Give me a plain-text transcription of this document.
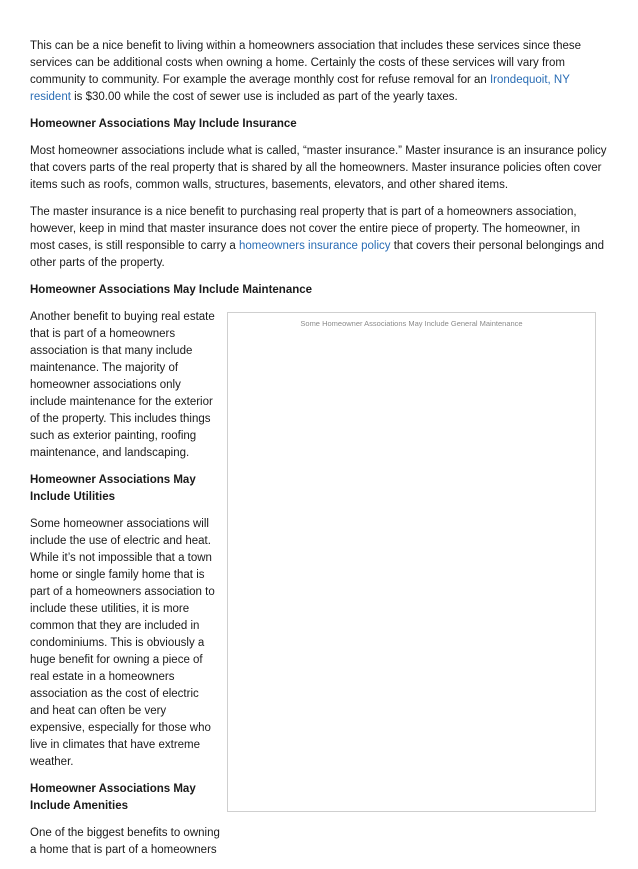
This can be a nice benefit to living within a homeowners association that includes these services since these services can be additional costs when owning a home. Certainly the costs of these services will vary from community to community. For example the average monthly cost for refuse removal for an Irondequoit, NY resident is $30.00 while the cost of sewer use is included as part of the yearly taxes.

Homeowner Associations May Include Insurance

Most homeowner associations include what is called, “master insurance.” Master insurance is an insurance policy that covers parts of the real property that is shared by all the homeowners. Master insurance policies often cover items such as roofs, common walls, structures, basements, elevators, and other shared items.

The master insurance is a nice benefit to purchasing real property that is part of a homeowners association, however, keep in mind that master insurance does not cover the entire piece of property. The homeowner, in most cases, is still responsible to carry a homeowners insurance policy that covers their personal belongings and other parts of the property.

Homeowner Associations May Include Maintenance

Another benefit to buying real estate that is part of a homeowners association is that many include maintenance. The majority of homeowner associations only include maintenance for the exterior of the property. This includes things such as exterior painting, roofing maintenance, and landscaping.

Homeowner Associations May Include Utilities

Some homeowner associations will include the use of electric and heat. While it’s not impossible that a town home or single family home that is part of a homeowners association to include these utilities, it is more common that they are included in condominiums. This is obviously a huge benefit for owning a piece of real estate in a homeowners association as the cost of electric and heat can often be very expensive, especially for those who live in climates that have extreme weather.

Homeowner Associations May Include Amenities

One of the biggest benefits to owning a home that is part of a homeowners

Some Homeowner Associations May Include General Maintenance
